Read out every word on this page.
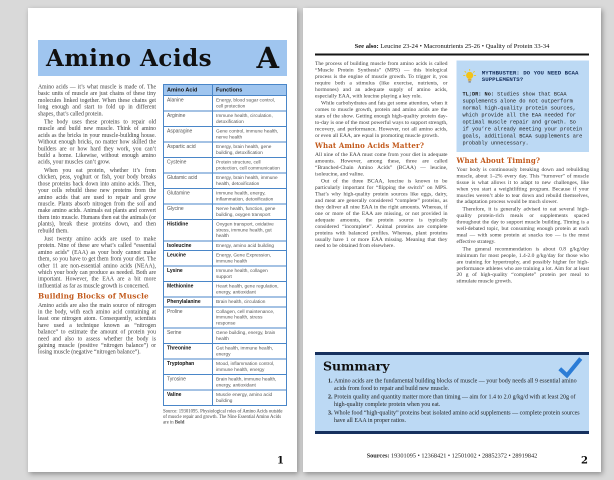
Amino Acids A

Amino acids — it’s what muscle is made of. The basic units of muscle are just chains of these tiny molecules linked together. When these chains get long enough and start to fold up in different shapes, that’s called protein.

The body uses these proteins to repair old muscle and build new muscle. Think of amino acids as the bricks in your muscle-building house. Without enough bricks, no matter how skilled the builders are or how hard they work, you can’t build a home. Likewise, without enough amino acids, your muscles can’t grow.

When you eat protein, whether it’s from chicken, peas, yoghurt or fish, your body breaks those proteins back down into amino acids. Then, your cells rebuild these new proteins from the amino acids that are used to repair and grow muscle. Plants absorb nitrogen from the soil and make amino acids. Animals eat plants and convert them into muscle. Humans then eat the animals (or plants), break these proteins down, and then rebuild them.

Just twenty amino acids are used to make protein. Nine of these are what’s called “essential amino acids” (EAA) as your body cannot make them, so you have to get them from your diet. The other 11 are non-essential amino acids (NEAA), which your body can produce as needed. Both are important. However, the EAA are a bit more influential as far as muscle growth is concerned.

Building Blocks of Muscle

Amino acids are also the main source of nitrogen in the body, with each amino acid containing at least one nitrogen atom. Consequently, scientists have used a technique known as “nitrogen balance” to estimate the amount of protein you need and also to assess whether the body is gaining muscle (positive “nitrogen balance”) or losing muscle (negative “nitrogen balance”).

Amino Acid	Functions
Alanine	Energy, blood sugar control, cell protection
Arginine	Immune health, circulation, detoxification
Asparagine	Gene control, immune health, nerve health
Aspartic acid	Energy, brain health, gene building, detoxification
Cysteine	Protein structure, cell protection, cell communication
Glutamic acid	Energy, brain health, immune health, detoxification
Glutamine	Immune health, energy, inflammation, detoxification
Glycine	Nerve health, function, gene building, oxygen transport
Histidine	Oxygen transport, oxidative stress, immune health, gut health
Isoleucine	Energy, amino acid building
Leucine	Energy, Gene Expression, immune health
Lysine	Immune health, collagen support
Methionine	Heart health, gene regulation, energy, antioxidant
Phenylalanine	Brain health, circulation
Proline	Collagen, cell maintenance, immune health, stress response
Serine	Gene building, energy, brain health
Threonine	Gut health, immune health, energy
Tryptophan	Mood, inflammation control, immune health, energy
Tyrosine	Brain health, immune health, energy, antioxidant
Valine	Muscle energy, amino acid building

Source: 19301095. Physiological roles of Amino Acids outside of muscle repair and growth. The Nine Essential Amino Acids are in Bold

1
See also: Leucine 23-24 • Macronutrients 25-26 • Quality of Protein 33-34

The process of building muscle from amino acids is called “Muscle Protein Synthesis” (MPS) — this biological process is the engine of muscle growth. To trigger it, you require both a stimulus (like exercise, nutrients, or hormones) and an adequate supply of amino acids, especially EAA, with leucine playing a key role.

While carbohydrates and fats get some attention, when it comes to muscle growth, protein and amino acids are the stars of the show. Getting enough high-quality protein day-to-day is one of the most powerful ways to support strength, recovery, and performance. However, not all amino acids, or even all EAA, are equal in promoting muscle growth.

What Amino Acids Matter?

All nine of the EAA must come from your diet in adequate amounts. However, among these, three are called “Branched-Chain Amino Acids” (BCAA) — leucine, isoleucine, and valine.

Out of the three BCAA, leucine is known to be particularly important for “flipping the switch” on MPS. That’s why high-quality protein sources like eggs, dairy, and meat are generally considered “complete” proteins, as they deliver all nine EAA in the right amounts. Whereas, if one or more of the EAA are missing, or not provided in adequate amounts, the protein source is typically considered “incomplete”. Animal proteins are complete proteins with balanced profiles. Whereas, plant proteins usually have 1 or more EAA missing. Meaning that they need to be obtained from elsewhere.

MYTHBUSTER: DO YOU NEED BCAA SUPPLEMENTS?
TL;DR: No: Studies show that BCAA supplements alone do not outperform normal high-quality protein sources, which provide all the EAA needed for optimal muscle repair and growth. So if you’re already meeting your protein goals, additional BCAA supplements are probably unnecessary.
What About Timing?

Your body is continuously breaking down and rebuilding muscle, about 1–2% every day. This “turnover” of muscle tissue is what allows it to adapt to new challenges, like when you start a weightlifting program. Because if your muscles weren’t able to tear down and rebuild themselves, the adaptation process would be much slower.

Therefore, it is generally advised to eat several high-quality protein-rich meals or supplements spaced throughout the day to support muscle building. Timing is a well-debated topic, but consuming enough protein at each meal — with some protein at snacks too — is the most effective strategy.

The general recommendation is about 0.8 g/kg/day minimum for most people, 1.4-2.0 g/kg/day for those who are training for hypertrophy, and possibly higher for high-performance athletes who are training a lot. Aim for at least 20 g of high-quality “complete” protein per meal to stimulate muscle growth.

Summary
1. Amino acids are the fundamental building blocks of muscle — your body needs all 9 essential amino acids from food to repair and build new muscle.
2. Protein quality and quantity matter more than timing — aim for 1.4 to 2.0 g/kg/d with at least 20g of high-quality complete protein when you eat.
3. Whole food “high-quality” proteins beat isolated amino acid supplements — complete protein sources have all EAA in proper ratios.
Sources: 19301095 • 12368421 • 12501002 • 28852372 • 28919842	2
